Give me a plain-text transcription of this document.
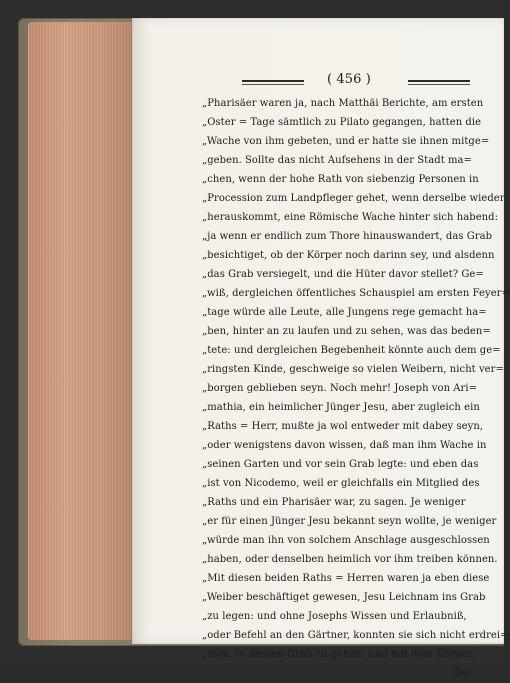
( 456 )
„Pharisäer waren ja, nach Matthäi Berichte, am ersten
„Oster = Tage sämtlich zu Pilato gegangen, hatten die
„Wache von ihm gebeten, und er hatte sie ihnen mitge=
„geben. Sollte das nicht Aufsehens in der Stadt ma=
„chen, wenn der hohe Rath von siebenzig Personen in
„Procession zum Landpfleger gehet, wenn derselbe wieder
„herauskommt, eine Römische Wache hinter sich habend:
„ja wenn er endlich zum Thore hinauswandert, das Grab
„besichtiget, ob der Körper noch darinn sey, und alsdenn
„das Grab versiegelt, und die Hüter davor stellet? Ge=
„wiß, dergleichen öffentliches Schauspiel am ersten Feyer=
„tage würde alle Leute, alle Jungens rege gemacht ha=
„ben, hinter an zu laufen und zu sehen, was das beden=
„tete: und dergleichen Begebenheit könnte auch dem ge=
„ringsten Kinde, geschweige so vielen Weibern, nicht ver=
„borgen geblieben seyn. Noch mehr! Joseph von Ari=
„mathia, ein heimlicher Jünger Jesu, aber zugleich ein
„Raths = Herr, mußte ja wol entweder mit dabey seyn,
„oder wenigstens davon wissen, daß man ihm Wache in
„seinen Garten und vor sein Grab legte: und eben das
„ist von Nicodemo, weil er gleichfalls ein Mitglied des
„Raths und ein Pharisäer war, zu sagen. Je weniger
„er für einen Jünger Jesu bekannt seyn wollte, je weniger
„würde man ihn von solchem Anschlage ausgeschlossen
„haben, oder denselben heimlich vor ihm treiben können.
„Mit diesen beiden Raths = Herren waren ja eben diese
„Weiber beschäftiget gewesen, Jesu Leichnam ins Grab
„zu legen: und ohne Josephs Wissen und Erlaubniß,
„oder Befehl an den Gärtner, konnten sie sich nicht erdrei=
„sten, in dessen Grab zu gehen, und mit dem Körper,
der
